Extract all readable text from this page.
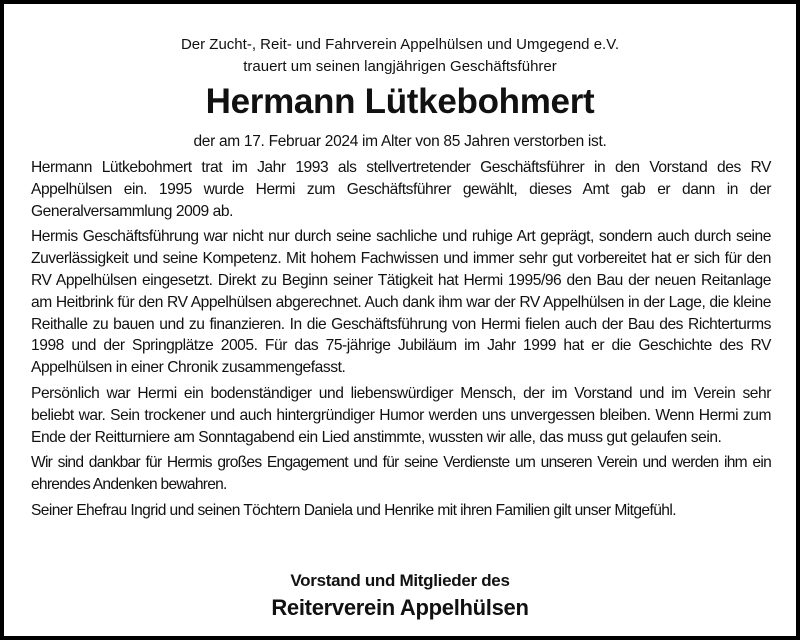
Der Zucht-, Reit- und Fahrverein Appelhülsen und Umgegend e.V.
trauert um seinen langjährigen Geschäftsführer
Hermann Lütkebohmert
der am 17. Februar 2024 im Alter von 85 Jahren verstorben ist.

Hermann Lütkebohmert trat im Jahr 1993 als stellvertretender Geschäftsführer in den Vorstand des RV Appelhülsen ein. 1995 wurde Hermi zum Geschäftsführer gewählt, dieses Amt gab er dann in der Generalversammlung 2009 ab.

Hermis Geschäftsführung war nicht nur durch seine sachliche und ruhige Art geprägt, sondern auch durch seine Zuverlässigkeit und seine Kompetenz. Mit hohem Fachwissen und immer sehr gut vorbereitet hat er sich für den RV Appelhülsen eingesetzt. Direkt zu Beginn seiner Tätigkeit hat Hermi 1995/96 den Bau der neuen Reitanlage am Heitbrink für den RV Appelhülsen abgerechnet. Auch dank ihm war der RV Appelhülsen in der Lage, die kleine Reithalle zu bauen und zu finanzieren. In die Geschäftsführung von Hermi fielen auch der Bau des Richterturms 1998 und der Springplätze 2005. Für das 75-jährige Jubiläum im Jahr 1999 hat er die Geschichte des RV Appelhülsen in einer Chronik zusammengefasst.

Persönlich war Hermi ein bodenständiger und liebenswürdiger Mensch, der im Vorstand und im Verein sehr beliebt war. Sein trockener und auch hintergründiger Humor werden uns unvergessen bleiben. Wenn Hermi zum Ende der Reitturniere am Sonntagabend ein Lied anstimmte, wussten wir alle, das muss gut gelaufen sein.

Wir sind dankbar für Hermis großes Engagement und für seine Verdienste um unseren Verein und werden ihm ein ehrendes Andenken bewahren.

Seiner Ehefrau Ingrid und seinen Töchtern Daniela und Henrike mit ihren Familien gilt unser Mitgefühl.

Vorstand und Mitglieder des
Reiterverein Appelhülsen
